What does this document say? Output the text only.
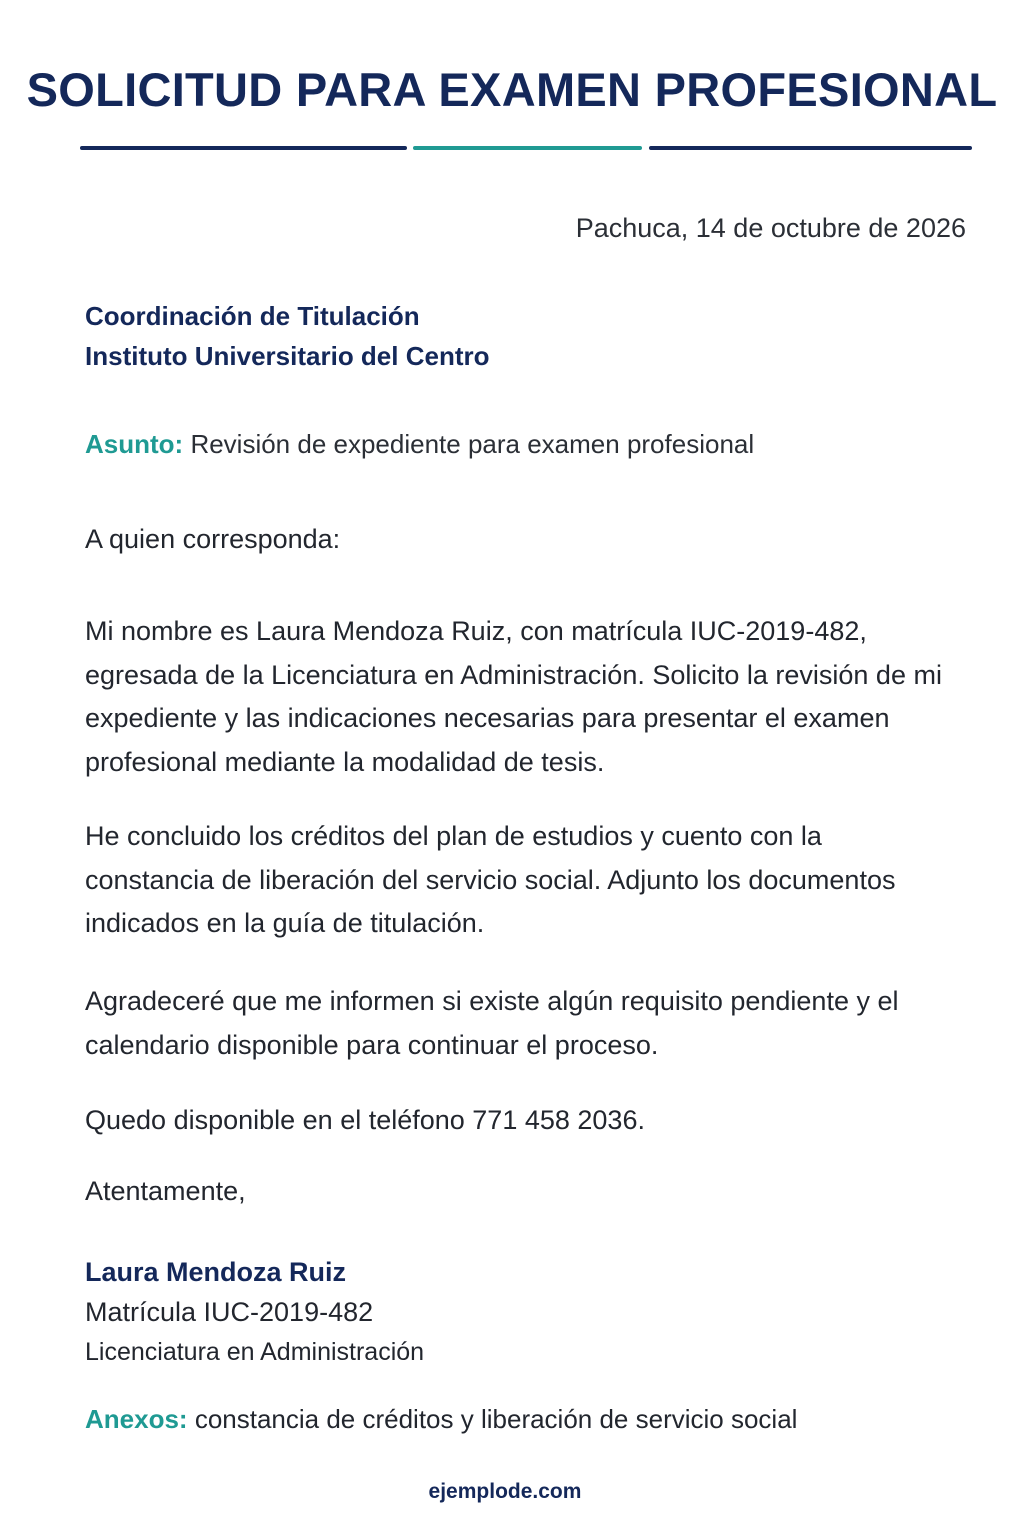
SOLICITUD PARA EXAMEN PROFESIONAL
Pachuca, 14 de octubre de 2026
Coordinación de Titulación
Instituto Universitario del Centro
Asunto: Revisión de expediente para examen profesional
A quien corresponda:
Mi nombre es Laura Mendoza Ruiz, con matrícula IUC-2019-482, egresada de la Licenciatura en Administración. Solicito la revisión de mi expediente y las indicaciones necesarias para presentar el examen profesional mediante la modalidad de tesis.
He concluido los créditos del plan de estudios y cuento con la constancia de liberación del servicio social. Adjunto los documentos indicados en la guía de titulación.
Agradeceré que me informen si existe algún requisito pendiente y el calendario disponible para continuar el proceso.
Quedo disponible en el teléfono 771 458 2036.
Atentamente,
Laura Mendoza Ruiz
Matrícula IUC-2019-482
Licenciatura en Administración
Anexos: constancia de créditos y liberación de servicio social
ejemplode.com
